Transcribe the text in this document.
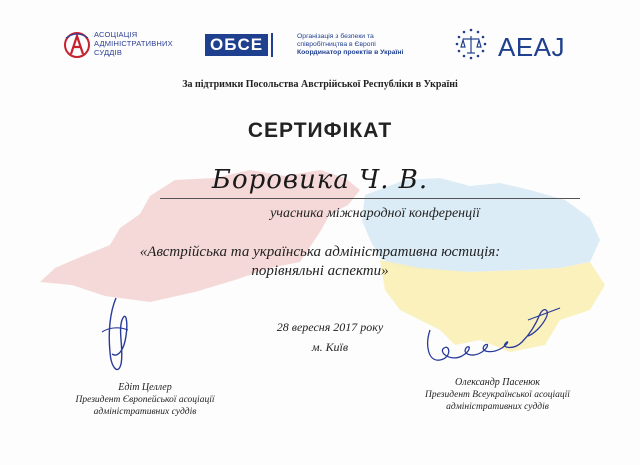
АСОЦІАЦІЯ
АДМІНІСТРАТИВНИХ
СУДДІВ	OБCE	Організація з безпеки та
співробітництва в Європі
Координатор проектів в Україні	AEAJ
За підтримки Посольства Австрійської Республіки в Україні
СЕРТИФІКАТ
Боровика Ч. В.
учасника міжнародної конференції
«Австрійська та українська адміністративна юстиція:
порівняльні аспекти»
28 вересня 2017 року
м. Київ
Едіт Целлер
Президент Європейської асоціації
адміністративних суддів
Олександр Пасенюк
Президент Всеукраїнської асоціації
адміністративних суддів
